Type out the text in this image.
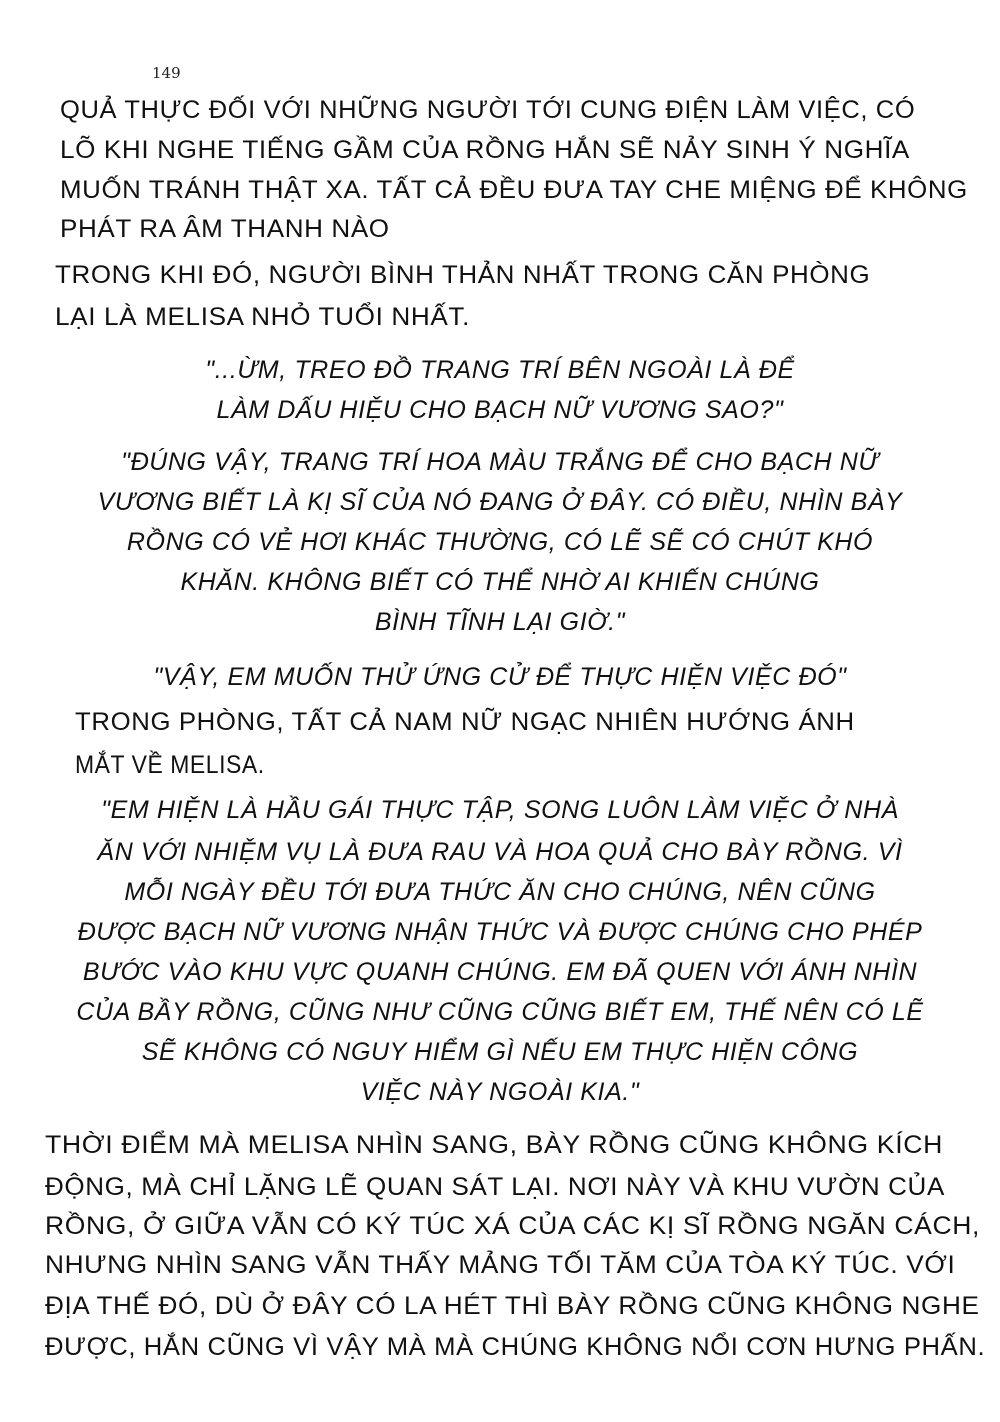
149
QUẢ THỰC ĐỐI VỚI NHỮNG NGƯỜI TỚI CUNG ĐIỆN LÀM VIỆC, CÓ
LÕ KHI NGHE TIẾNG GẦM CỦA RỒNG HẮN SẼ NẢY SINH Ý NGHĨA
MUỐN TRÁNH THẬT XA. TẤT CẢ ĐỀU ĐƯA TAY CHE MIỆNG ĐỂ KHÔNG
PHÁT RA ÂM THANH NÀO
TRONG KHI ĐÓ, NGƯỜI BÌNH THẢN NHẤT TRONG CĂN PHÒNG
LẠI LÀ MELISA NHỎ TUỔI NHẤT.
"...ỪM, TREO ĐỒ TRANG TRÍ BÊN NGOÀI LÀ ĐỂ
LÀM DẤU HIỆU CHO BẠCH NỮ VƯƠNG SAO?"
"ĐÚNG VẬY, TRANG TRÍ HOA MÀU TRẮNG ĐỂ CHO BẠCH NỮ
VƯƠNG BIẾT LÀ KỊ SĨ CỦA NÓ ĐANG Ở ĐÂY. CÓ ĐIỀU, NHÌN BÀY
RỒNG CÓ VẺ HƠI KHÁC THƯỜNG, CÓ LẼ SẼ CÓ CHÚT KHÓ
KHĂN. KHÔNG BIẾT CÓ THỂ NHỜ AI KHIẾN CHÚNG
BÌNH TĨNH LẠI GIỜ."
"VẬY, EM MUỐN THỬ ỨNG CỬ ĐỂ THỰC HIỆN VIỆC ĐÓ"
TRONG PHÒNG, TẤT CẢ NAM NỮ NGẠC NHIÊN HƯỚNG ÁNH
MẮT VỀ MELISA.
"EM HIỆN LÀ HẦU GÁI THỰC TẬP, SONG LUÔN LÀM VIỆC Ở NHÀ
ĂN VỚI NHIỆM VỤ LÀ ĐƯA RAU VÀ HOA QUẢ CHO BÀY RỒNG. VÌ
MỖI NGÀY ĐỀU TỚI ĐƯA THỨC ĂN CHO CHÚNG, NÊN CŨNG
ĐƯỢC BẠCH NỮ VƯƠNG NHẬN THỨC VÀ ĐƯỢC CHÚNG CHO PHÉP
BƯỚC VÀO KHU VỰC QUANH CHÚNG. EM ĐÃ QUEN VỚI ÁNH NHÌN
CỦA BẦY RỒNG, CŨNG NHƯ CŨNG CŨNG BIẾT EM, THẾ NÊN CÓ LẼ
SẼ KHÔNG CÓ NGUY HIỂM GÌ NẾU EM THỰC HIỆN CÔNG
VIỆC NÀY NGOÀI KIA."
THỜI ĐIỂM MÀ MELISA NHÌN SANG, BÀY RỒNG CŨNG KHÔNG KÍCH
ĐỘNG, MÀ CHỈ LẶNG LẼ QUAN SÁT LẠI. NƠI NÀY VÀ KHU VƯỜN CỦA
RỒNG, Ở GIỮA VẪN CÓ KÝ TÚC XÁ CỦA CÁC KỊ SĨ RỒNG NGĂN CÁCH,
NHƯNG NHÌN SANG VẪN THẤY MẢNG TỐI TĂM CỦA TÒA KÝ TÚC. VỚI
ĐỊA THẾ ĐÓ, DÙ Ở ĐÂY CÓ LA HÉT THÌ BÀY RỒNG CŨNG KHÔNG NGHE
ĐƯỢC, HẮN CŨNG VÌ VẬY MÀ MÀ CHÚNG KHÔNG NỔI CƠN HƯNG PHẤN.
